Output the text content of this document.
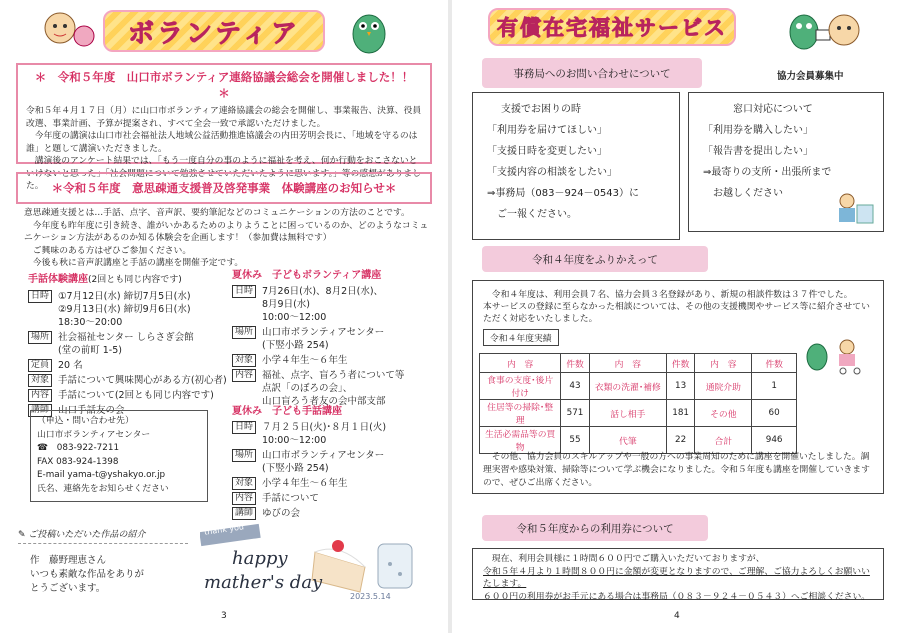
ボランティア
＊　令和５年度　山口市ボランティア連絡協議会総会を開催しました！！　＊

令和５年４月１７日（月）に山口市ボランティア連絡協議会の総会を開催し、事業報告、決算、役員改選、事業計画、予算が提案され、すべて全会一致で承認いただけました。

今年度の講演は山口市社会福祉法人地域公益活動推進協議会の内田芳明会長に、「地域を守るのは誰」と題して講演いただきました。

講演後のアンケート結果では、「もう一度自分の事のように福祉を考え、何か行動をおこさないといけないと思った」「社会問題について勉強させていただいたように思います。」等の感想がありました。 ＊令和５年度　意思疎通支援普及啓発事業　体験講座のお知らせ＊

意思疎通支援とは…手話、点字、音声訳、要約筆記などのコミュニケーションの方法のことです。

今年度も昨年度に引き続き、誰がいかあるためのよりようことに困っているのか、どのようなコミュニケーション方法があるのか知る体験会を企画します！（参加費は無料です）

ご興味のある方はぜひご参加ください。

今後も秋に音声訳講座と手話の講座を開催予定です。

手話体験講座(2回とも同じ内容です)
日時 ①7月12日(水) 締切7月5日(水)
②9月13日(水) 締切9月6日(水)
18:30～20:00
場所 社会福祉センター しらさぎ会館
(堂の前町 1-5)
定員 20 名
対象 手話について興味関心がある方(初心者)
内容 手話について(2回とも同じ内容です)
講師 山口手話友の会
夏休み　子どもボランティア講座
日時 7月26日(水)、8月2日(水)、
8月9日(水)
10:00～12:00
場所 山口市ボランティアセンター
(下竪小路 254)
対象 小学４年生～６年生
内容 福祉、点字、盲ろう者について等
点訳「のぼろの会」、
山口盲ろう者友の会中部支部
夏休み　子ども手話講座
日時 ７月２５日(火)･８月１日(火)
10:00～12:00
場所 山口市ボランティアセンター
(下竪小路 254)
対象 小学４年生～６年生
内容 手話について
講師 ゆびの会
（申込・問い合わせ先）
山口市ボランティアセンター
☎　083-922-7211
FAX 083-924-1398
E-mail yama-t@yshakyo.or.jp
氏名、連絡先をお知らせください
✎ ご投稿いただいた作品の紹介
作　藤野理恵さん
いつも素敵な作品をありが
とうございます。
thank you
happy
mather's day
2023.5.14
3
有償在宅福祉サービス
事務局へのお問い合わせについて	協力会員募集中
支援でお困りの時
「利用券を届けてほしい」
「支援日時を変更したい」
「支援内容の相談をしたい」
⇒事務局（083－924－0543）に
　ご一報ください。
窓口対応について
「利用券を購入したい」
「報告書を提出したい」
⇒最寄りの支所・出張所まで
　お越しください
令和４年度をふりかえって

令和４年度は、利用会員７名、協力会員３名登録があり、新規の相談件数は３７件でした。

本サービスの登録に至らなかった相談については、その他の支援機関やサービス等に紹介させていただく対応をいたしました。

令和４年度実績
内　容	件数	内　容	件数	内　容	件数
食事の支度･後片付け	43	衣類の洗濯･補修	13	通院介助	1
住居等の掃除･整理	571	話し相手	181	その他	60
生活必需品等の買物	55	代筆	22	合計	946
その他、協力会員のスキルアップや一般の方への事業周知のために講座を開催いたしました。調理実習や感染対策、掃除等について学ぶ機会になりました。令和５年度も講座を開催していきますので、ぜひご出席ください。
令和５年度からの利用券について
現在、利用会員様に１時間６００円でご購入いただいておりますが、
令和５年４月より１時間８００円に金額が変更となりますので、ご理解、ご協力よろしくお願いいたします。
６００円の利用券がお手元にある場合は事務局（０８３－９２４－０５４３）へご相談ください。
4
